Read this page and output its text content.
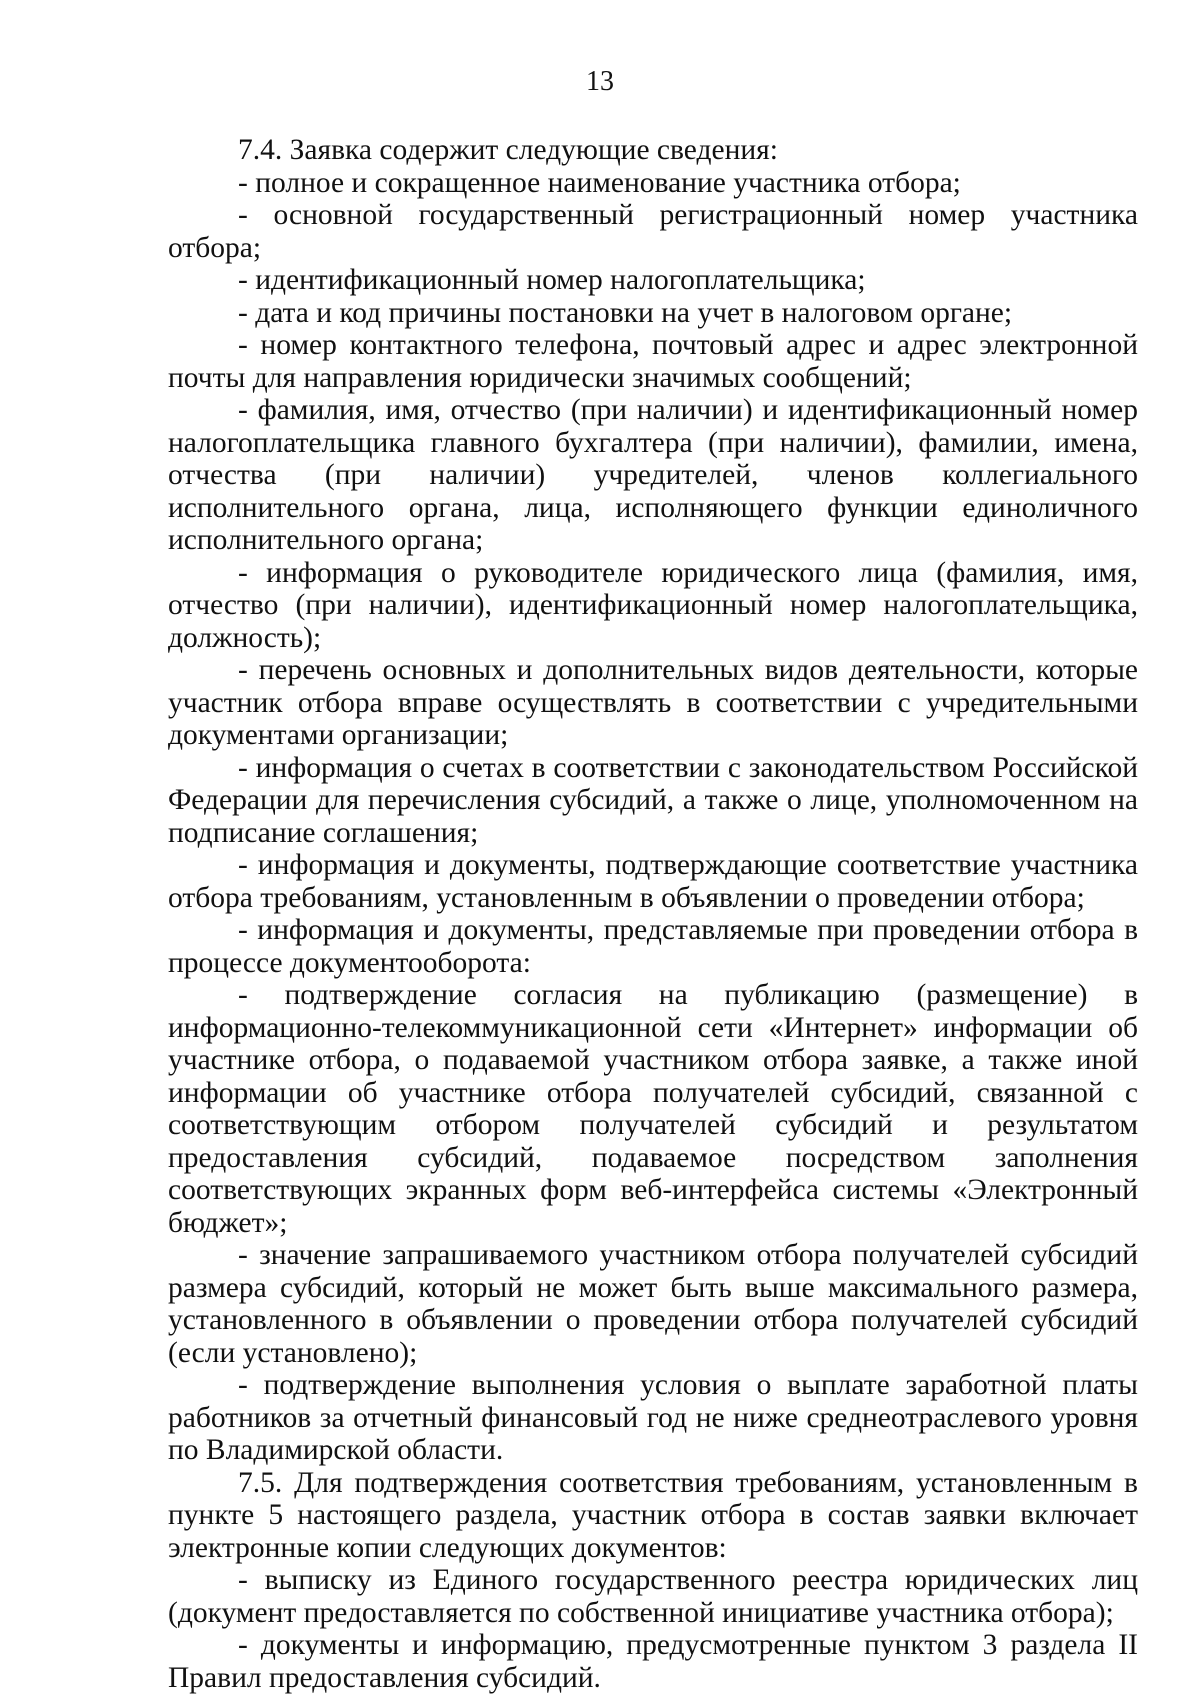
13

7.4. Заявка содержит следующие сведения:

- полное и сокращенное наименование участника отбора;

- основной государственный регистрационный номер участника отбора;

- идентификационный номер налогоплательщика;

- дата и код причины постановки на учет в налоговом органе;

- номер контактного телефона, почтовый адрес и адрес электронной почты для направления юридически значимых сообщений;

- фамилия, имя, отчество (при наличии) и идентификационный номер налогоплательщика главного бухгалтера (при наличии), фамилии, имена, отчества (при наличии) учредителей, членов коллегиального исполнительного органа, лица, исполняющего функции единоличного исполнительного органа;

- информация о руководителе юридического лица (фамилия, имя, отчество (при наличии), идентификационный номер налогоплательщика, должность);

- перечень основных и дополнительных видов деятельности, которые участник отбора вправе осуществлять в соответствии с учредительными документами организации;

- информация о счетах в соответствии с законодательством Российской Федерации для перечисления субсидий, а также о лице, уполномоченном на подписание соглашения;

- информация и документы, подтверждающие соответствие участника отбора требованиям, установленным в объявлении о проведении отбора;

- информация и документы, представляемые при проведении отбора в процессе документооборота:

- подтверждение согласия на публикацию (размещение) в информационно-телекоммуникационной сети «Интернет» информации об участнике отбора, о подаваемой участником отбора заявке, а также иной информации об участнике отбора получателей субсидий, связанной с соответствующим отбором получателей субсидий и результатом предоставления субсидий, подаваемое посредством заполнения соответствующих экранных форм веб-интерфейса системы «Электронный бюджет»;

- значение запрашиваемого участником отбора получателей субсидий размера субсидий, который не может быть выше максимального размера, установленного в объявлении о проведении отбора получателей субсидий (если установлено);

- подтверждение выполнения условия о выплате заработной платы работников за отчетный финансовый год не ниже среднеотраслевого уровня по Владимирской области.

7.5. Для подтверждения соответствия требованиям, установленным в пункте 5 настоящего раздела, участник отбора в состав заявки включает электронные копии следующих документов:

- выписку из Единого государственного реестра юридических лиц (документ предоставляется по собственной инициативе участника отбора);

- документы и информацию, предусмотренные пунктом 3 раздела II Правил предоставления субсидий.
